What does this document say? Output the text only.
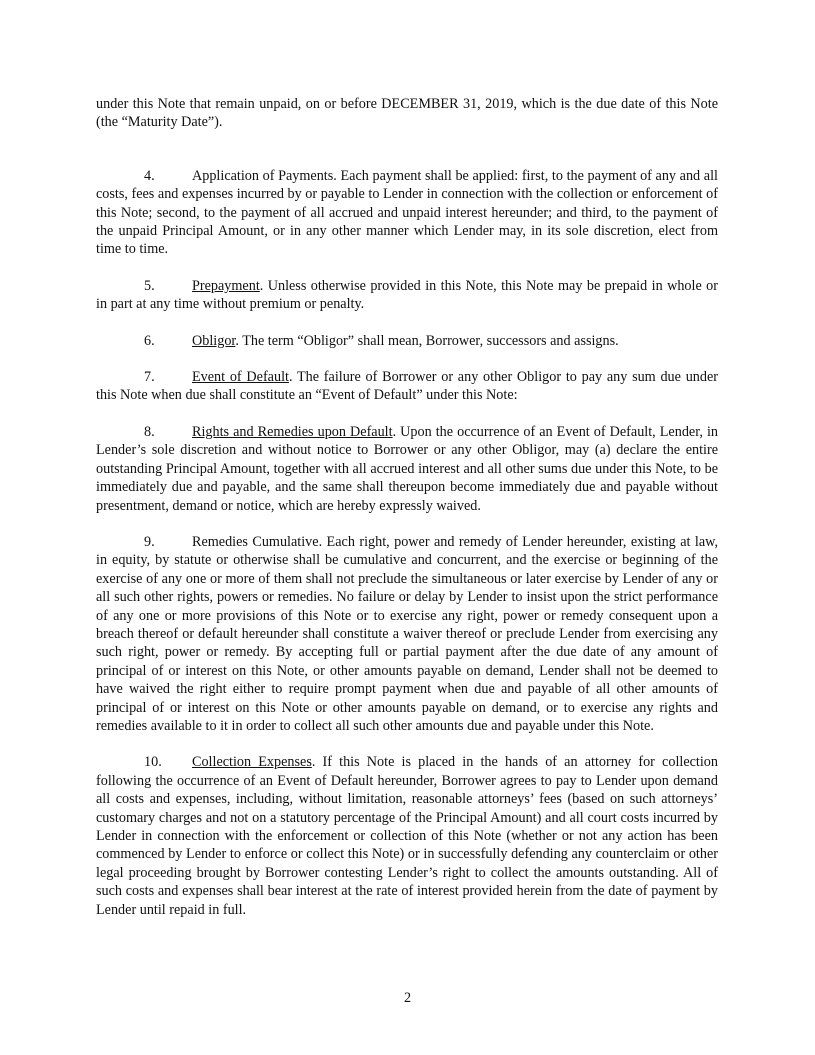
under this Note that remain unpaid, on or before DECEMBER 31, 2019, which is the due date of this Note (the “Maturity Date”).

4.	Application of Payments. Each payment shall be applied: first, to the payment of any and all costs, fees and expenses incurred by or payable to Lender in connection with the collection or enforcement of this Note; second, to the payment of all accrued and unpaid interest hereunder; and third, to the payment of the unpaid Principal Amount, or in any other manner which Lender may, in its sole discretion, elect from time to time.

5.	Prepayment. Unless otherwise provided in this Note, this Note may be prepaid in whole or in part at any time without premium or penalty.

6.	Obligor. The term “Obligor” shall mean, Borrower, successors and assigns.

7.	Event of Default. The failure of Borrower or any other Obligor to pay any sum due under this Note when due shall constitute an “Event of Default” under this Note:

8.	Rights and Remedies upon Default. Upon the occurrence of an Event of Default, Lender, in Lender’s sole discretion and without notice to Borrower or any other Obligor, may (a) declare the entire outstanding Principal Amount, together with all accrued interest and all other sums due under this Note, to be immediately due and payable, and the same shall thereupon become immediately due and payable without presentment, demand or notice, which are hereby expressly waived.

9.	Remedies Cumulative. Each right, power and remedy of Lender hereunder, existing at law, in equity, by statute or otherwise shall be cumulative and concurrent, and the exercise or beginning of the exercise of any one or more of them shall not preclude the simultaneous or later exercise by Lender of any or all such other rights, powers or remedies. No failure or delay by Lender to insist upon the strict performance of any one or more provisions of this Note or to exercise any right, power or remedy consequent upon a breach thereof or default hereunder shall constitute a waiver thereof or preclude Lender from exercising any such right, power or remedy. By accepting full or partial payment after the due date of any amount of principal of or interest on this Note, or other amounts payable on demand, Lender shall not be deemed to have waived the right either to require prompt payment when due and payable of all other amounts of principal of or interest on this Note or other amounts payable on demand, or to exercise any rights and remedies available to it in order to collect all such other amounts due and payable under this Note.

10. Collection Expenses. If this Note is placed in the hands of an attorney for collection following the occurrence of an Event of Default hereunder, Borrower agrees to pay to Lender upon demand all costs and expenses, including, without limitation, reasonable attorneys’ fees (based on such attorneys’ customary charges and not on a statutory percentage of the Principal Amount) and all court costs incurred by Lender in connection with the enforcement or collection of this Note (whether or not any action has been commenced by Lender to enforce or collect this Note) or in successfully defending any counterclaim or other legal proceeding brought by Borrower contesting Lender’s right to collect the amounts outstanding. All of such costs and expenses shall bear interest at the rate of interest provided herein from the date of payment by Lender until repaid in full.

2
